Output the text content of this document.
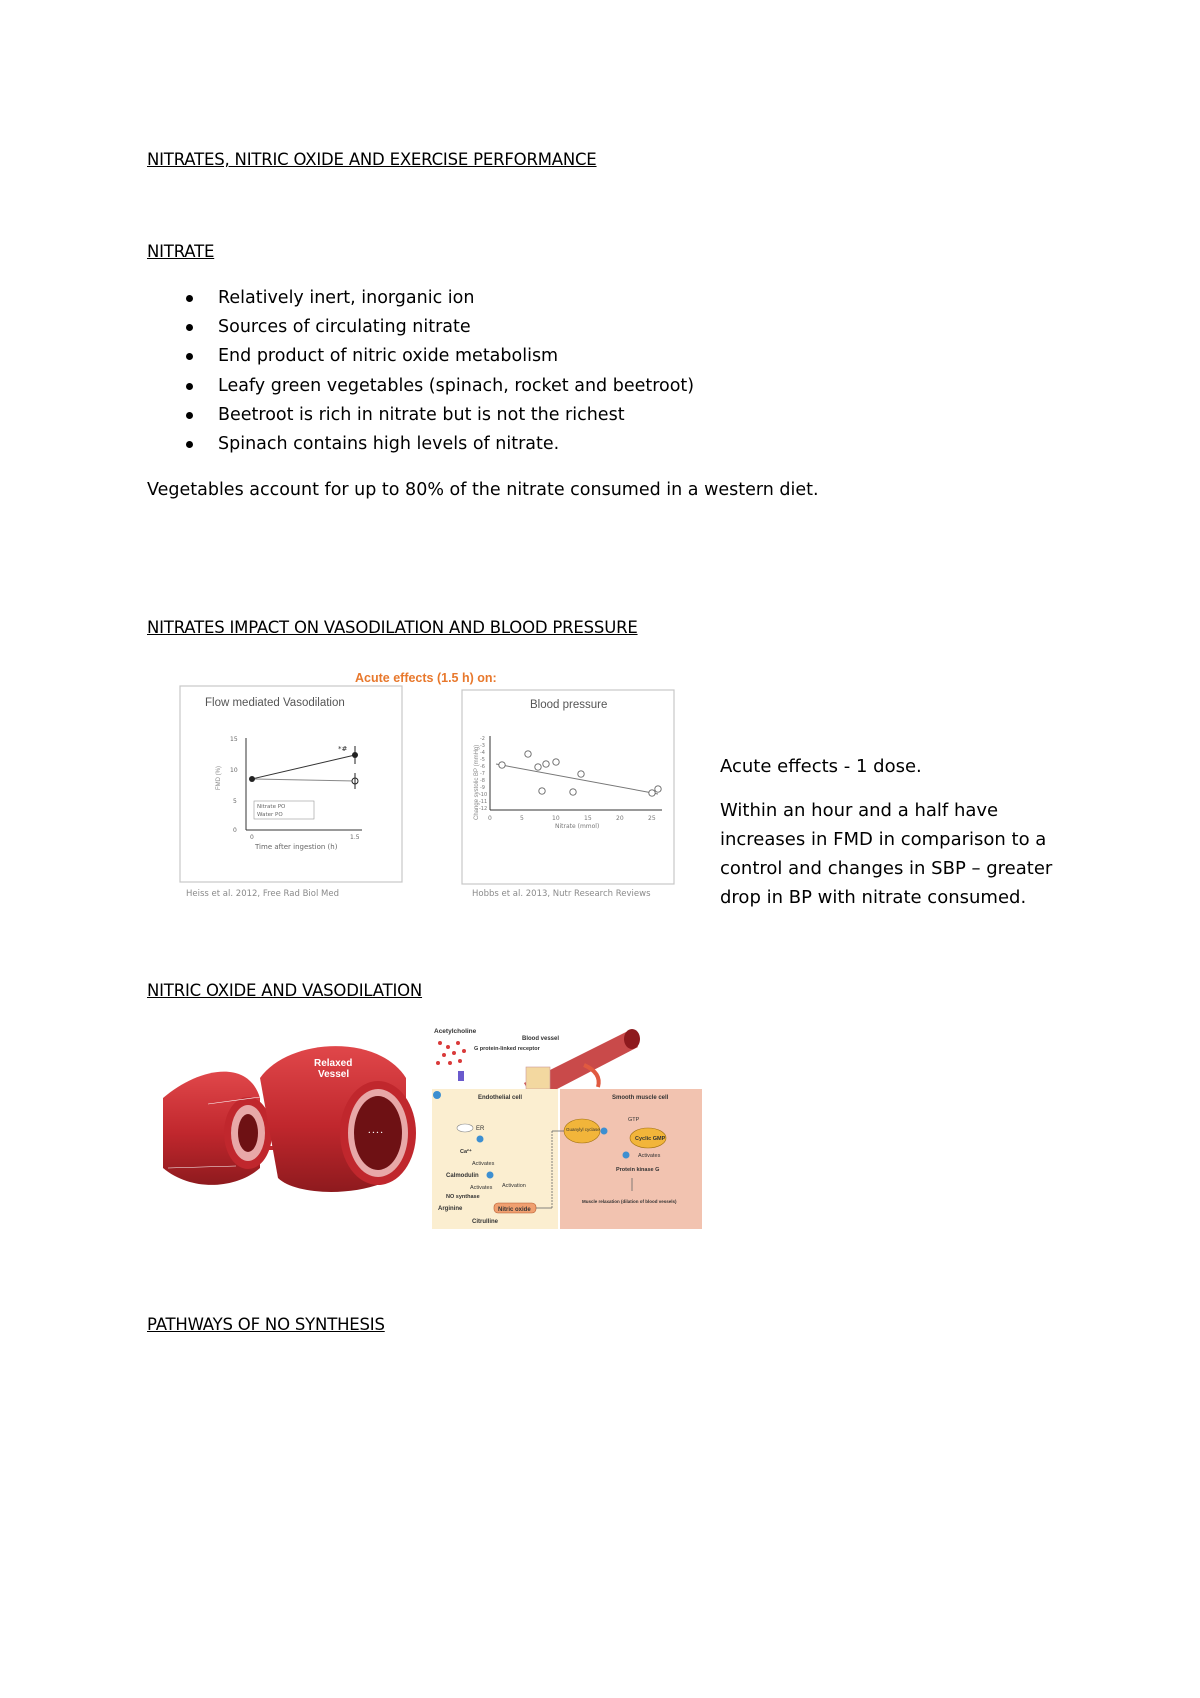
NITRATES, NITRIC OXIDE AND EXERCISE PERFORMANCE
NITRATE
Relatively inert, inorganic ion
Sources of circulating nitrate
End product of nitric oxide metabolism
Leafy green vegetables (spinach, rocket and beetroot)
Beetroot is rich in nitrate but is not the richest
Spinach contains high levels of nitrate.
Vegetables account for up to 80% of the nitrate consumed in a western diet.
NITRATES IMPACT ON VASODILATION AND BLOOD PRESSURE
Acute effects (1.5 h) on:
Flow mediated Vasodilation
FMD (%)
15
10
5
0
*#
Nitrate PO
Water PO
0	1.5
Time after ingestion (h)
Heiss et al. 2012, Free Rad Biol Med
Blood pressure
Change systolic BP (mmHg)
-2
-3
-4
-5
-6
-7
-8
-9
-10
-11
-12
0	5	10	15	20	25
Nitrate (mmol)
Hobbs et al. 2013, Nutr Research Reviews
Acute effects - 1 dose.
Within an hour and a half have increases in FMD in comparison to a control and changes in SBP – greater drop in BP with nitrate consumed.
NITRIC OXIDE AND VASODILATION
Relaxed
Vessel
• • • •
Acetylcholine
Blood vessel
G protein-linked receptor
Endothelial cell
ER
Ca²⁺
Activates
Calmodulin
Activates Activation
NO synthase
Arginine	Nitric oxide
Citrulline
Smooth muscle cell
Guanylyl cyclase
GTP
Cyclic GMP
Activates
Protein kinase G
Muscle relaxation (dilation of blood vessels)
PATHWAYS OF NO SYNTHESIS
